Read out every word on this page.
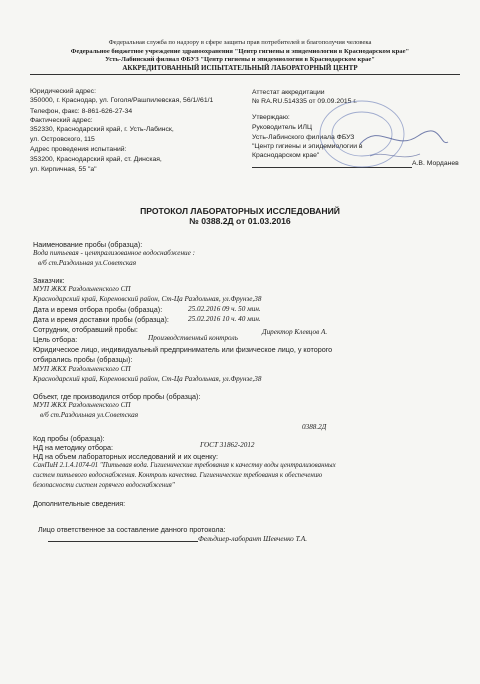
Федеральная служба по надзору в сфере защиты прав потребителей и благополучия человека
Федеральное бюджетное учреждение здравоохранения "Центр гигиены и эпидемиологии в Краснодарском крае"
Усть-Лабинский филиал ФБУЗ "Центр гигиены и эпидемиологии в Краснодарском крае"
АККРЕДИТОВАННЫЙ ИСПЫТАТЕЛЬНЫЙ ЛАБОРАТОРНЫЙ ЦЕНТР
Юридический адрес:
350000, г. Краснодар, ул. Гоголя/Рашпилевская, 56/1//61/1
Телефон, факс: 8-861-626-27-34
Фактический адрес:
352330, Краснодарский край, г. Усть-Лабинск,
ул. Островского, 115
Адрес проведения испытаний:
353200, Краснодарский край, ст. Динская,
ул. Кирпичная, 55 "а"
Аттестат аккредитации
№ RA.RU.514335 от 09.09.2015 г.
Утверждаю:
Руководитель ИЛЦ
Усть-Лабинского филиала ФБУЗ
"Центр гигиены и эпидемиологии в
Краснодарском крае"
А.В. Морданев
ПРОТОКОЛ ЛАБОРАТОРНЫХ ИССЛЕДОВАНИЙ
№ 0388.2Д от 01.03.2016
Наименование пробы (образца):
Вода питьевая - централизованное водоснабжение :
в/б ст.Раздольная ул.Советская
Заказчик:
МУП ЖКХ Раздольненского СП
Краснодарский край, Кореновский район, Ст-Ца Раздольная, ул.Фрунзе,38
Дата и время отбора пробы (образца):	25.02.2016 09 ч. 50 мин.
Дата и время доставки пробы (образца):	25.02.2016 10 ч. 40 мин.
Сотрудник, отобравший пробы:	Директор Клевцов А.
Цель отбора:	Производственный контроль
Юридическое лицо, индивидуальный предприниматель или физическое лицо, у которого
отбирались пробы (образцы):
МУП ЖКХ Раздольненского СП
Краснодарский край, Кореновский район, Ст-Ца Раздольная, ул.Фрунзе,38
Объект, где производился отбор пробы (образца):
МУП ЖКХ Раздольненского СП
в/б ст.Раздольная ул.Советская
0388.2Д
Код пробы (образца):
НД на методику отбора:	ГОСТ 31862-2012
НД на объем лабораторных исследований и их оценку:
СанПиН 2.1.4.1074-01 "Питьевая вода. Гигиенические требования к качеству воды централизованных
систем питьевого водоснабжения. Контроль качества. Гигиенические требования к обеспечению
безопасности систем горячего водоснабжения"
Дополнительные сведения:
Лицо ответственное за составление данного протокола:
Фельдшер-лаборант Шевченко Т.А.
